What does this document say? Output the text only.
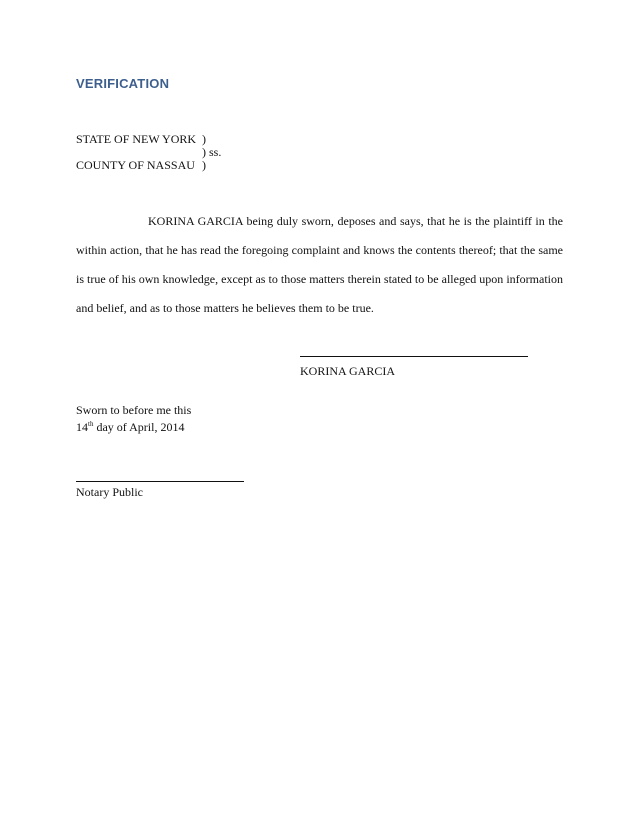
VERIFICATION
STATE OF NEW YORK )
) ss.
COUNTY OF NASSAU )
KORINA GARCIA being duly sworn, deposes and says, that he is the plaintiff in the within action, that he has read the foregoing complaint and knows the contents thereof; that the same is true of his own knowledge, except as to those matters therein stated to be alleged upon information and belief, and as to those matters he believes them to be true.
KORINA GARCIA
Sworn to before me this
14th day of April, 2014
Notary Public
